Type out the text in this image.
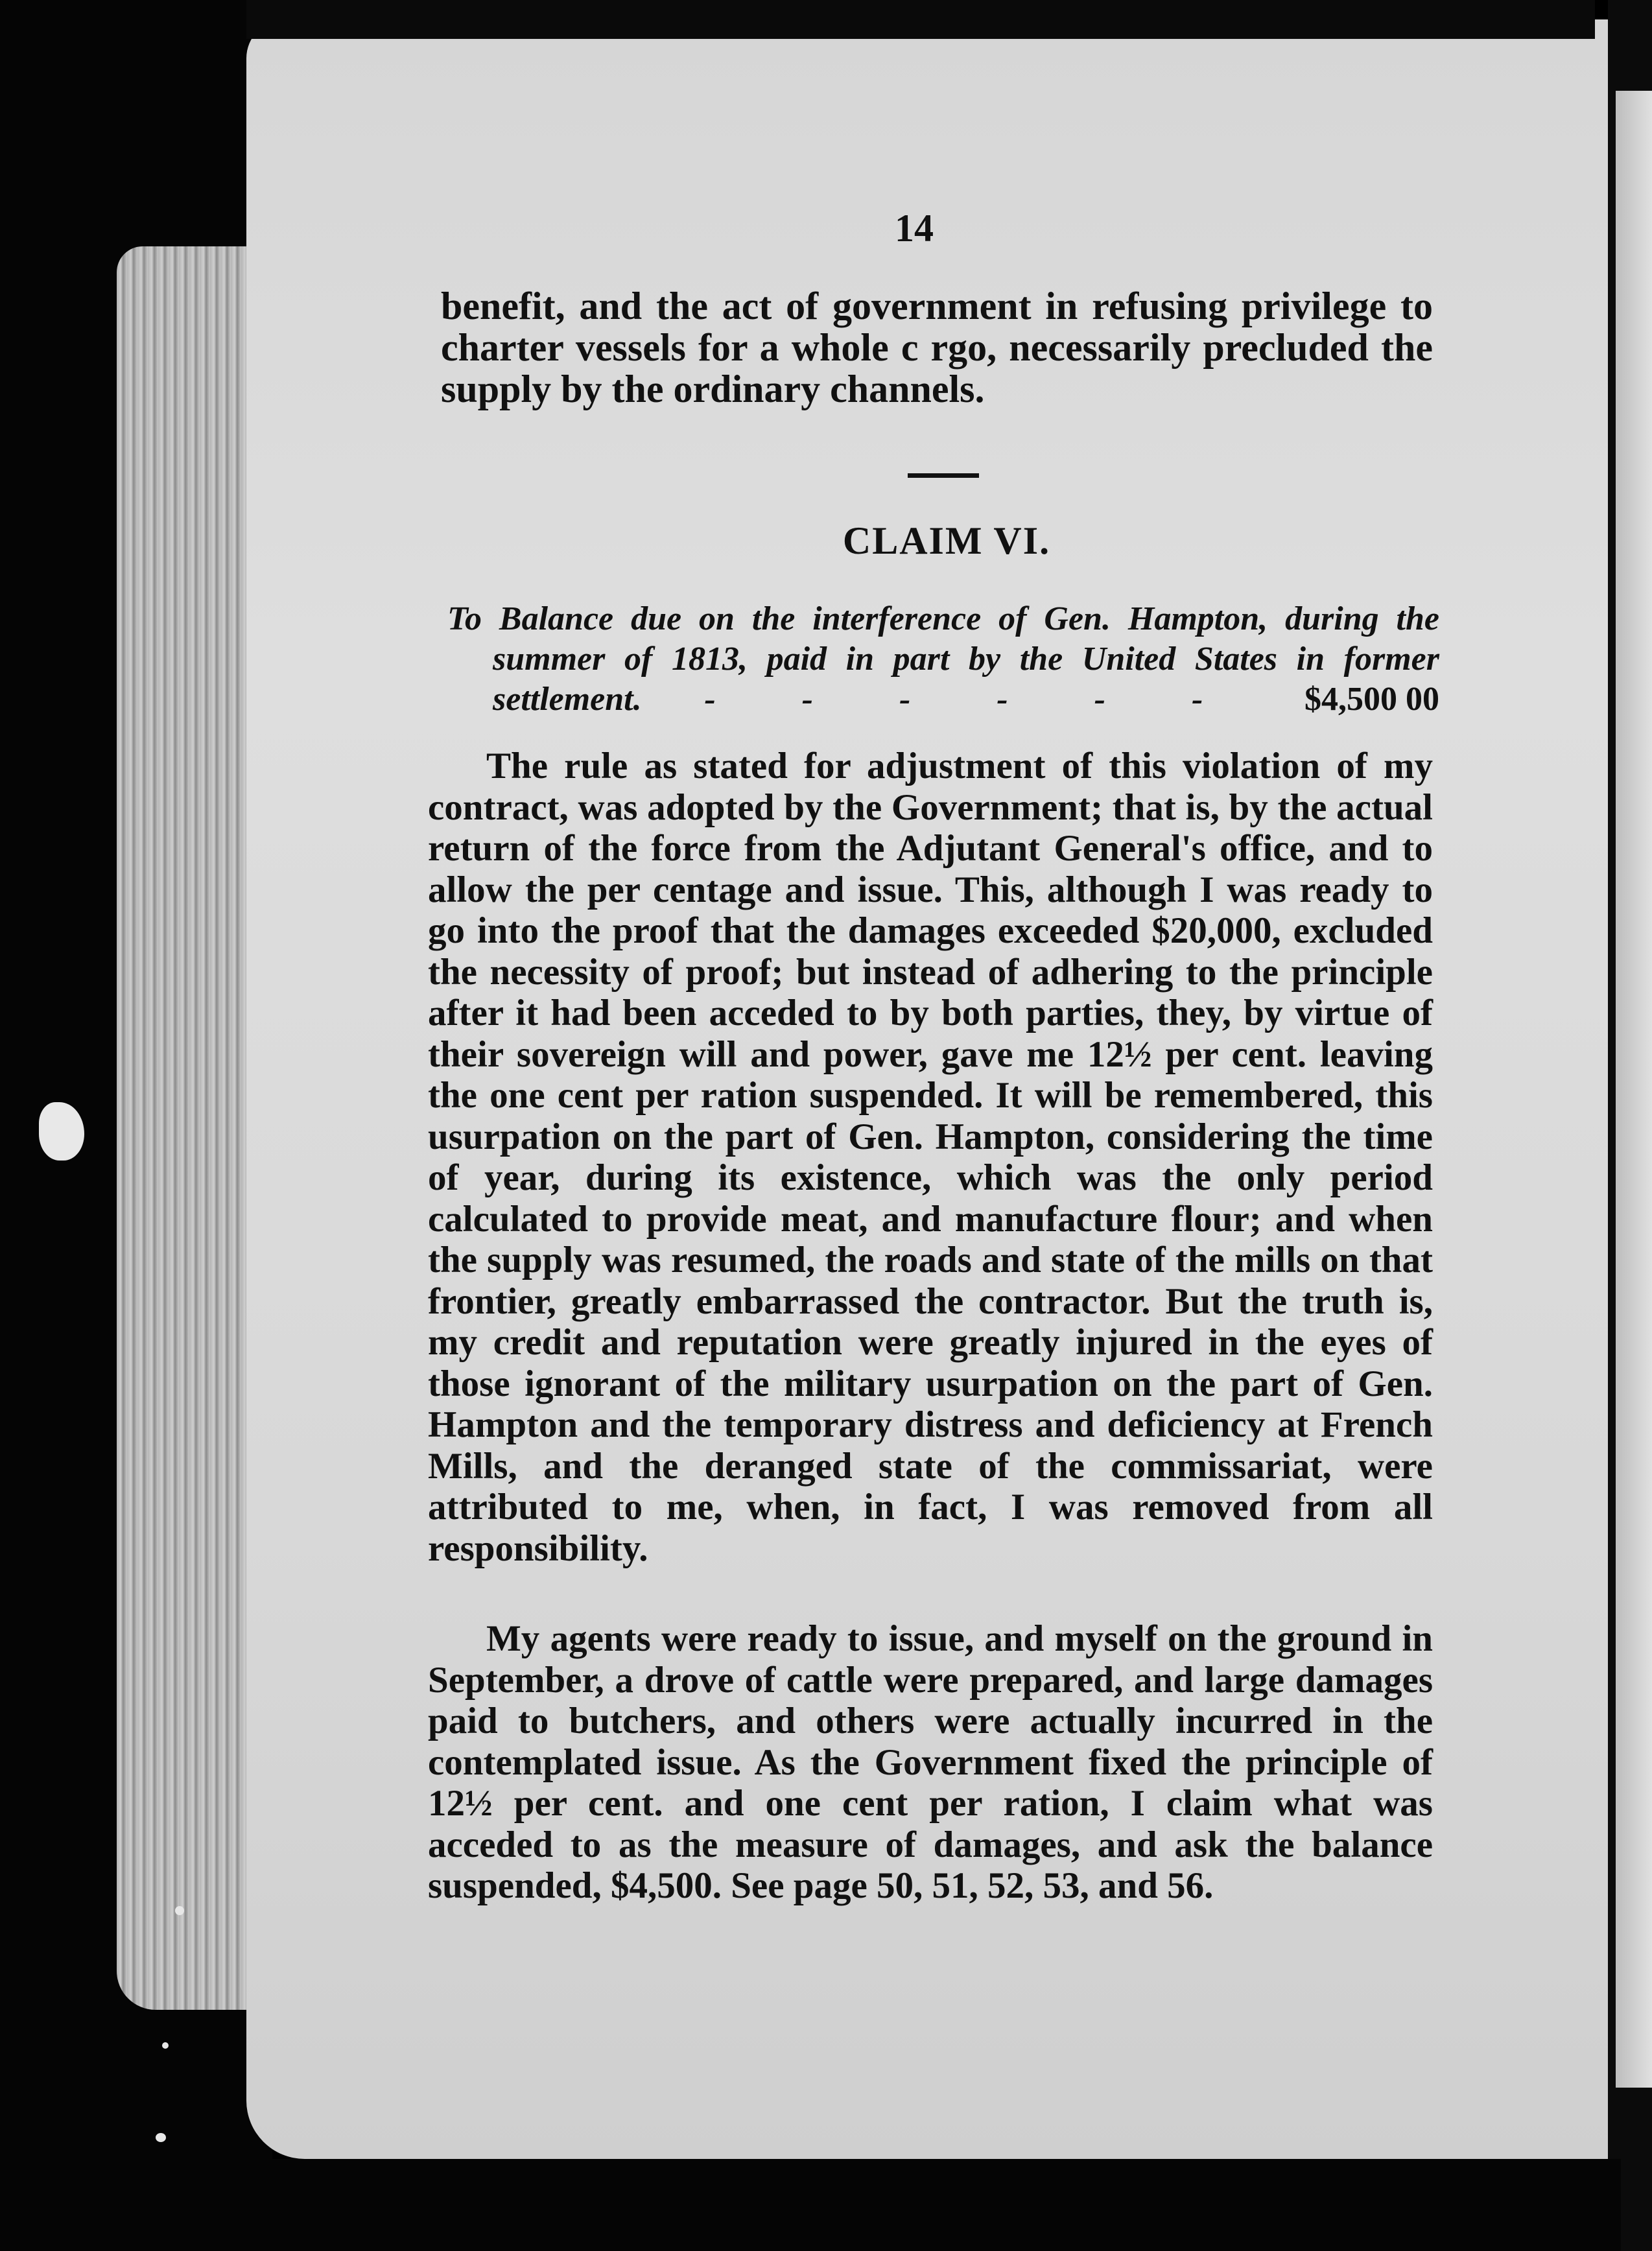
14
benefit, and the act of government in refusing privilege to charter vessels for a whole c rgo, necessarily precluded the supply by the ordinary channels.
CLAIM VI.
To Balance due on the interference of Gen. Hampton, during the
summer of 1813, paid in part by the United States in former
settlement. - - - - - - $4,500 00
The rule as stated for adjustment of this violation of my contract, was adopted by the Government; that is, by the actual return of the force from the Adjutant General's office, and to allow the per centage and issue. This, although I was ready to go into the proof that the damages exceeded $20,000, excluded the necessity of proof; but instead of adhering to the principle after it had been acceded to by both parties, they, by virtue of their sovereign will and power, gave me 12½ per cent. leaving the one cent per ration suspended. It will be remembered, this usurpation on the part of Gen. Hampton, considering the time of year, during its existence, which was the only period calculated to provide meat, and manufacture flour; and when the supply was resumed, the roads and state of the mills on that frontier, greatly embarrassed the contractor. But the truth is, my credit and reputation were greatly injured in the eyes of those ignorant of the military usurpation on the part of Gen. Hampton and the temporary distress and deficiency at French Mills, and the deranged state of the commissariat, were attributed to me, when, in fact, I was removed from all responsibility.
My agents were ready to issue, and myself on the ground in September, a drove of cattle were prepared, and large damages paid to butchers, and others were actually incurred in the contemplated issue. As the Government fixed the principle of 12½ per cent. and one cent per ration, I claim what was acceded to as the measure of damages, and ask the balance suspended, $4,500. See page 50, 51, 52, 53, and 56.
